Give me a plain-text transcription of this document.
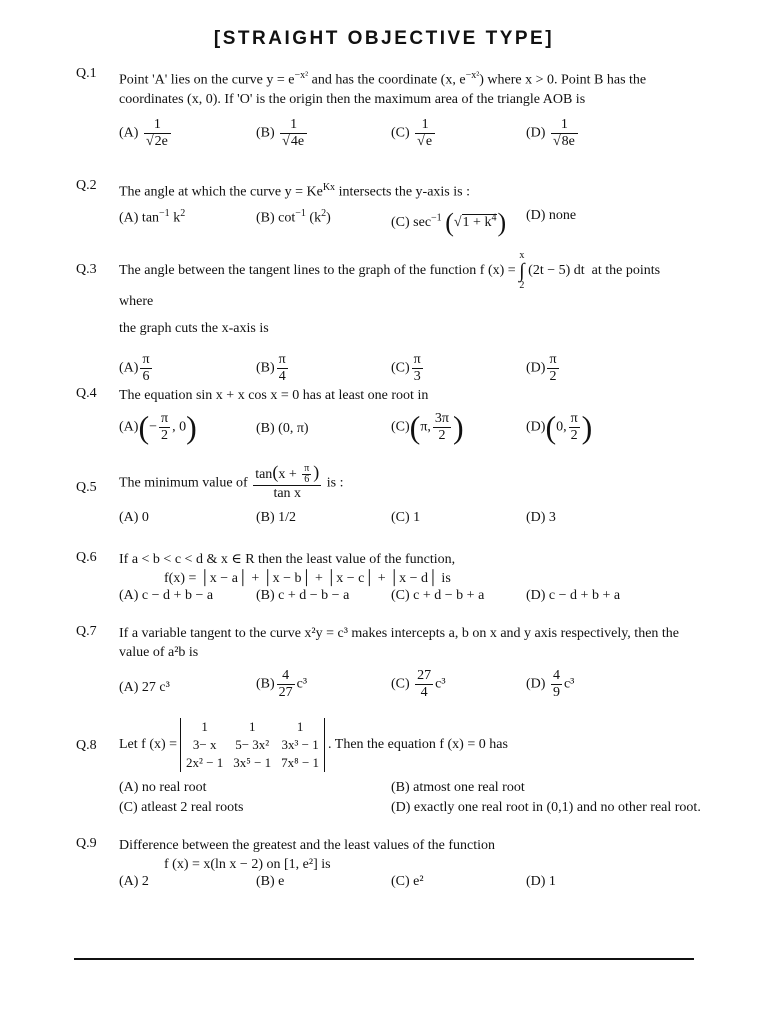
[STRAIGHT OBJECTIVE TYPE]
Q.1	Point 'A' lies on the curve $y = e^{-x^2}$ and has the coordinate (x, $e^{-x^2}$) where x > 0. Point B has the
coordinates (x, 0). If 'O' is the origin then the maximum area of the triangle AOB is
$(A) \frac{1}{√2e}$	$(B) \frac{1}{√4e}$	$(C) \frac{1}{√e}$	$(D) \frac{1}{√8e}$
Q.2	The angle at which the curve $y = Ke^{Kx}$ intersects the y-axis is :
(A) $\tan^{-1} k^2$	(B) $\cot^{-1} (k^2)$	(C) $\sec^{-1} (√1 + k^4)$ (D) none
Q.3	The angle between the tangent lines to the graph of the function f (x) =
x
∫
2
(2t − 5) dt at the points where
the graph cuts the x-axis is
$(A) \frac{\pi}{6}$	$(B) \frac{\pi}{4}$	$(C) \frac{\pi}{3}$	$(D) \frac{\pi}{2}$
Q.4	The equation sin x + x cos x = 0 has at least one root in
$(A)(- \frac{\pi}{2}$ , 0)	(B) (0, π)	(C)(π, $\frac{3\pi}{2}$ )	(D)(0, $\frac{\pi}{2}$ )
Q.5	The minimum value of $\frac{\tan(x + \frac{\pi}{6} )}{\text{tan x}}$ is :
(A) 0	(B) 1/2	(C) 1	(D) 3
Q.6	If a < b < c < d & x ∈ R then the least value of the function,
f(x) = │x − a│ + │x − b│ + │x − c│ + │x − d│ is
(A) c − d + b − a	(B) c + d − b − a	(C) c + d − b + a	(D) c − d + b + a
Q.7	If a variable tangent to the curve x²y = c³ makes intercepts a, b on x and y axis respectively, then the
value of a²b is
(A) 27 c³	$(B) \frac{4}{27} c^3$	$(C) \frac{27}{4} c^3$	$(D) \frac{4}{9} c^3$
Q.8	Let f (x) =1	1	1
3− x	5− 3x²	3x³ − 1
2x² − 1	3x⁵ − 1	7x⁸ − 1. Then the equation f (x) = 0 has
(A) no real root	(B) atmost one real root
(C) atleast 2 real roots	(D) exactly one real root in (0,1) and no other real root.
Q.9	Difference between the greatest and the least values of the function
f (x) = x(ln x − 2) on [1, e²] is
(A) 2	(B) e	(C) e²	(D) 1
